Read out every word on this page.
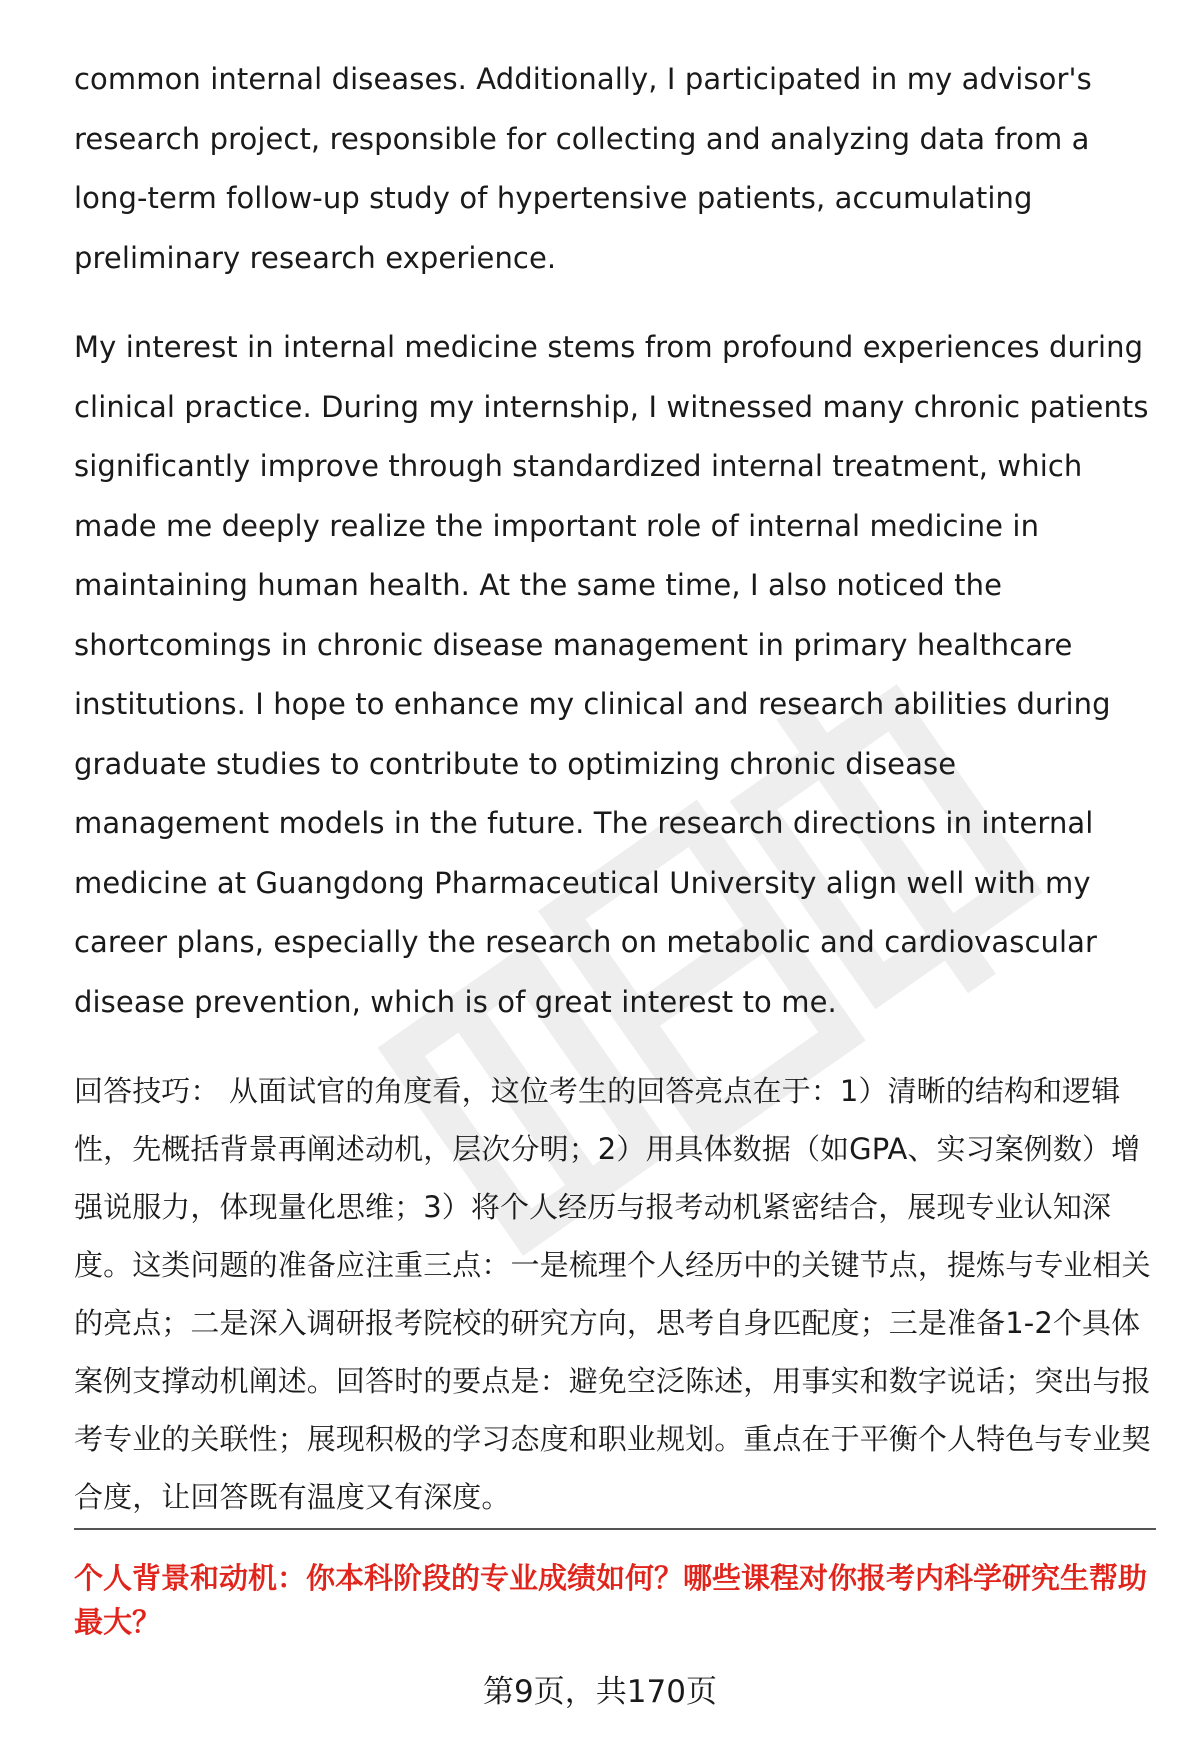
common internal diseases. Additionally, I participated in my advisor's research project, responsible for collecting and analyzing data from a long-term follow-up study of hypertensive patients, accumulating preliminary research experience.

My interest in internal medicine stems from profound experiences during clinical practice. During my internship, I witnessed many chronic patients significantly improve through standardized internal treatment, which made me deeply realize the important role of internal medicine in maintaining human health. At the same time, I also noticed the shortcomings in chronic disease management in primary healthcare institutions. I hope to enhance my clinical and research abilities during graduate studies to contribute to optimizing chronic disease management models in the future. The research directions in internal medicine at Guangdong Pharmaceutical University align well with my career plans, especially the research on metabolic and cardiovascular disease prevention, which is of great interest to me.

回答技巧： 从面试官的角度看，这位考生的回答亮点在于：1）清晰的结构和逻辑性，先概括背景再阐述动机，层次分明；2）用具体数据（如GPA、实习案例数）增强说服力，体现量化思维；3）将个人经历与报考动机紧密结合，展现专业认知深度。这类问题的准备应注重三点：一是梳理个人经历中的关键节点，提炼与专业相关的亮点；二是深入调研报考院校的研究方向，思考自身匹配度；三是准备1-2个具体案例支撑动机阐述。回答时的要点是：避免空泛陈述，用事实和数字说话；突出与报考专业的关联性；展现积极的学习态度和职业规划。重点在于平衡个人特色与专业契合度，让回答既有温度又有深度。

个人背景和动机：你本科阶段的专业成绩如何？哪些课程对你报考内科学研究生帮助最大？

第9页，共170页
